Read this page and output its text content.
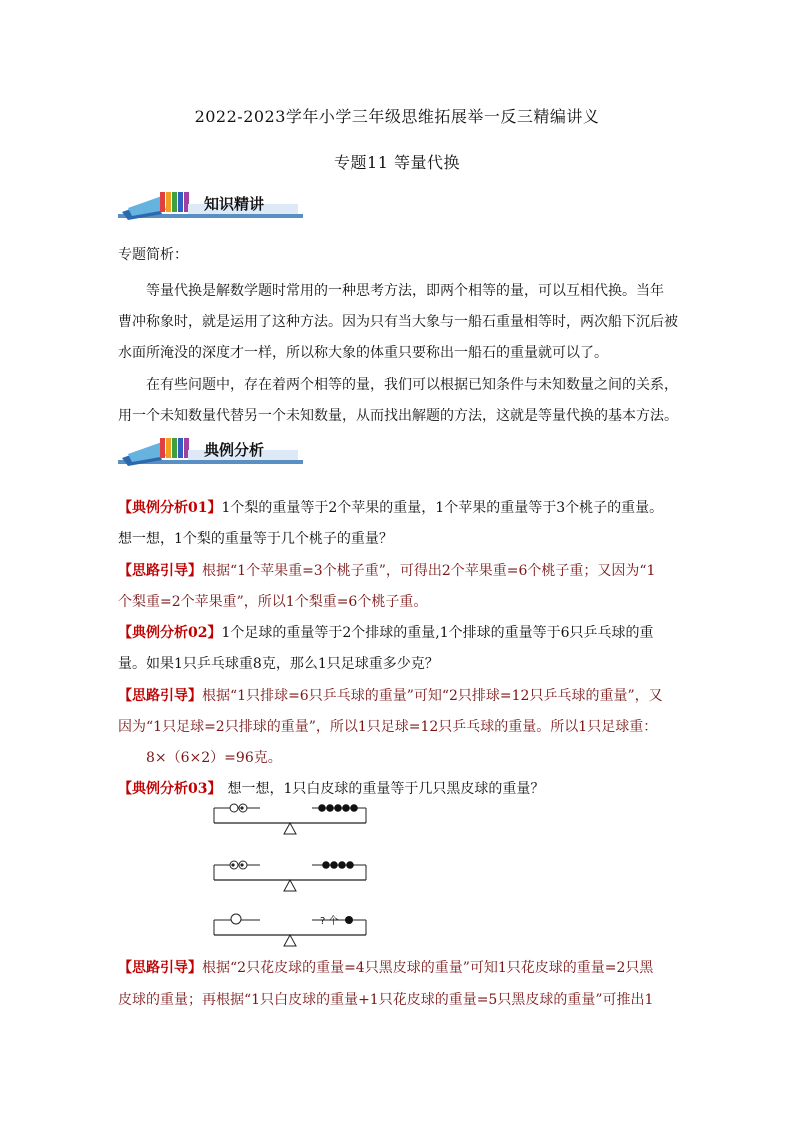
2022-2023学年小学三年级思维拓展举一反三精编讲义
专题11 等量代换
知识精讲
专题简析：
等量代换是解数学题时常用的一种思考方法，即两个相等的量，可以互相代换。当年
曹冲称象时，就是运用了这种方法。因为只有当大象与一船石重量相等时，两次船下沉后被
水面所淹没的深度才一样，所以称大象的体重只要称出一船石的重量就可以了。
在有些问题中，存在着两个相等的量，我们可以根据已知条件与未知数量之间的关系，
用一个未知数量代替另一个未知数量，从而找出解题的方法，这就是等量代换的基本方法。
典例分析
【典例分析01】1个梨的重量等于2个苹果的重量，1个苹果的重量等于3个桃子的重量。
想一想，1个梨的重量等于几个桃子的重量？
【思路引导】根据“1个苹果重=3个桃子重”，可得出2个苹果重=6个桃子重；又因为“1
个梨重=2个苹果重”，所以1个梨重=6个桃子重。
【典例分析02】1个足球的重量等于2个排球的重量,1个排球的重量等于6只乒乓球的重
量。如果1只乒乓球重8克，那么1只足球重多少克？
【思路引导】根据“1只排球=6只乒乓球的重量”可知“2只排球=12只乒乓球的重量”，又
因为“1只足球=2只排球的重量”，所以1只足球=12只乒乓球的重量。所以1只足球重：
8×（6×2）=96克。
【典例分析03】 想一想，1只白皮球的重量等于几只黑皮球的重量？
? 个
【思路引导】根据“2只花皮球的重量=4只黑皮球的重量”可知1只花皮球的重量=2只黑
皮球的重量；再根据“1只白皮球的重量+1只花皮球的重量=5只黑皮球的重量”可推出1
